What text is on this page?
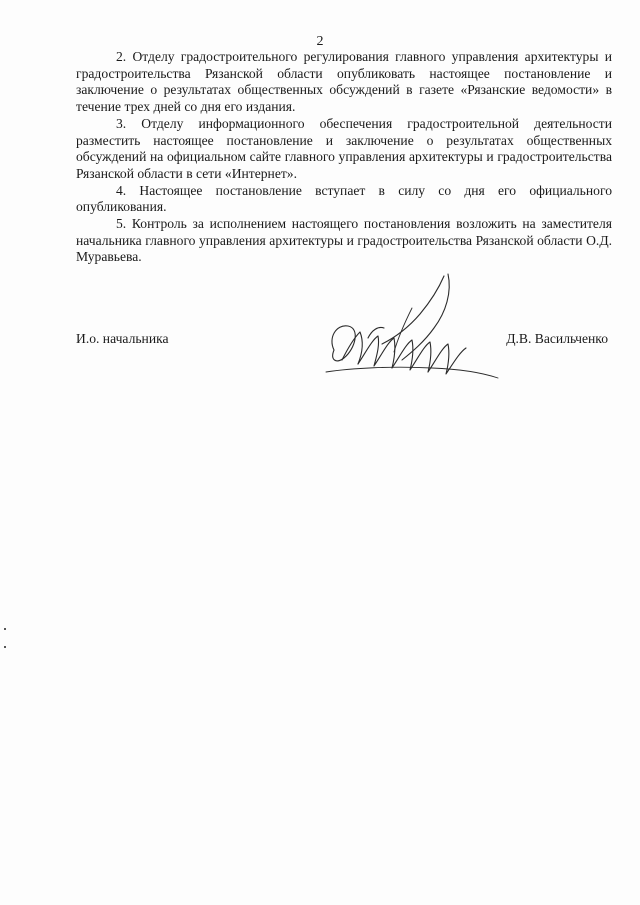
2

2. Отделу градостроительного регулирования главного управления архитектуры и градостроительства Рязанской области опубликовать настоящее постановление и заключение о результатах общественных обсуждений в газете «Рязанские ведомости» в течение трех дней со дня его издания.

3. Отделу информационного обеспечения градостроительной деятельности разместить настоящее постановление и заключение о результатах общественных обсуждений на официальном сайте главного управления архитектуры и градостроительства Рязанской области в сети «Интернет».

4. Настоящее постановление вступает в силу со дня его официального опубликования.

5. Контроль за исполнением настоящего постановления возложить на заместителя начальника главного управления архитектуры и градостроительства Рязанской области О.Д. Муравьева.

И.о. начальника	Д.В. Васильченко
